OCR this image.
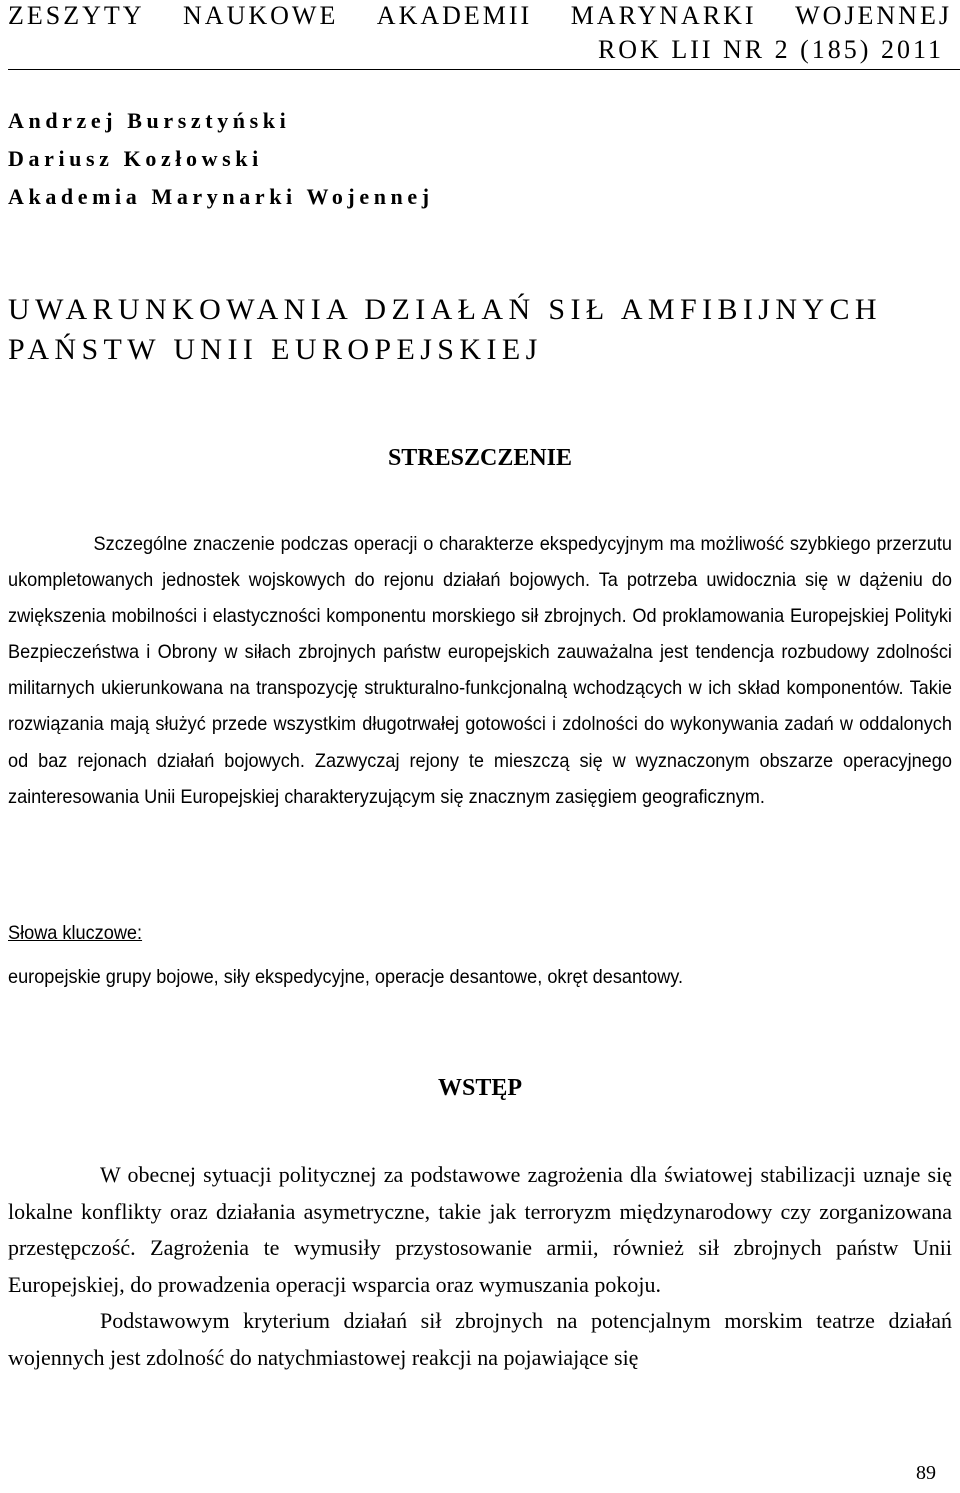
ZESZYTY NAUKOWE AKADEMII MARYNARKI WOJENNEJ
ROK LII NR 2 (185) 2011
Andrzej Bursztyński
Dariusz Kozłowski
Akademia Marynarki Wojennej
UWARUNKOWANIA DZIAŁAŃ SIŁ AMFIBIJNYCH
PAŃSTW UNII EUROPEJSKIEJ
STRESZCZENIE
Szczególne znaczenie podczas operacji o charakterze ekspedycyjnym ma możliwość szybkiego przerzutu ukompletowanych jednostek wojskowych do rejonu działań bojowych. Ta potrzeba uwidocznia się w dążeniu do zwiększenia mobilności i elastyczności komponentu morskiego sił zbrojnych. Od proklamowania Europejskiej Polityki Bezpieczeństwa i Obrony w siłach zbrojnych państw europejskich zauważalna jest tendencja rozbudowy zdolności militarnych ukierunkowana na transpozycję strukturalno-funkcjonalną wchodzących w ich skład komponentów. Takie rozwiązania mają służyć przede wszystkim długotrwałej gotowości i zdolności do wykonywania zadań w oddalonych od baz rejonach działań bojowych. Zazwyczaj rejony te mieszczą się w wyznaczonym obszarze operacyjnego zainteresowania Unii Europejskiej charakteryzującym się znacznym zasięgiem geograficznym.
Słowa kluczowe:
europejskie grupy bojowe, siły ekspedycyjne, operacje desantowe, okręt desantowy.
WSTĘP

W obecnej sytuacji politycznej za podstawowe zagrożenia dla światowej stabilizacji uznaje się lokalne konflikty oraz działania asymetryczne, takie jak terroryzm międzynarodowy czy zorganizowana przestępczość. Zagrożenia te wymusiły przystosowanie armii, również sił zbrojnych państw Unii Europejskiej, do prowadzenia operacji wsparcia oraz wymuszania pokoju.

Podstawowym kryterium działań sił zbrojnych na potencjalnym morskim teatrze działań wojennych jest zdolność do natychmiastowej reakcji na pojawiające się

89
